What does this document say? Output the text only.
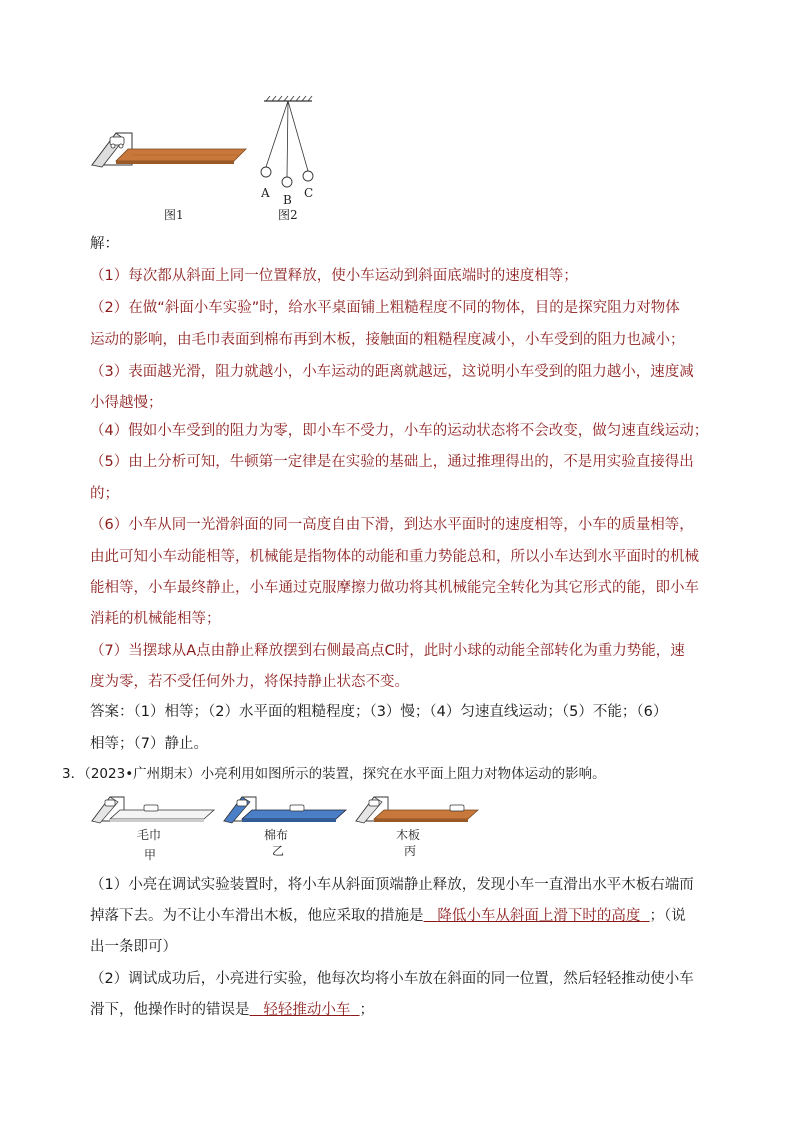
图1
A B C
图2
解：
（1）每次都从斜面上同一位置释放，使小车运动到斜面底端时的速度相等；
（2）在做“斜面小车实验”时，给水平桌面铺上粗糙程度不同的物体，目的是探究阻力对物体
运动的影响，由毛巾表面到棉布再到木板，接触面的粗糙程度减小，小车受到的阻力也减小；
（3）表面越光滑，阻力就越小，小车运动的距离就越远，这说明小车受到的阻力越小，速度减
小得越慢；
（4）假如小车受到的阻力为零，即小车不受力，小车的运动状态将不会改变，做匀速直线运动；
（5）由上分析可知，牛顿第一定律是在实验的基础上，通过推理得出的，不是用实验直接得出
的；
（6）小车从同一光滑斜面的同一高度自由下滑，到达水平面时的速度相等，小车的质量相等，
由此可知小车动能相等，机械能是指物体的动能和重力势能总和，所以小车达到水平面时的机械
能相等，小车最终静止，小车通过克服摩擦力做功将其机械能完全转化为其它形式的能，即小车
消耗的机械能相等；
（7）当摆球从A点由静止释放摆到右侧最高点C时，此时小球的动能全部转化为重力势能，速
度为零，若不受任何外力，将保持静止状态不变。
答案：（1）相等；（2）水平面的粗糙程度；（3）慢；（4）匀速直线运动；（5）不能；（6）
相等；（7）静止。
3．（2023•广州期末）小亮利用如图所示的装置，探究在水平面上阻力对物体运动的影响。
毛巾	棉布	木板
甲	乙	丙
（1）小亮在调试实验装置时，将小车从斜面顶端静止释放，发现小车一直滑出水平木板右端而
掉落下去。为不让小车滑出木板，他应采取的措施是 降低小车从斜面上滑下时的高度 ；（说
出一条即可）
（2）调试成功后，小亮进行实验，他每次均将小车放在斜面的同一位置，然后轻轻推动使小车
滑下，他操作时的错误是 轻轻推动小车 ；
